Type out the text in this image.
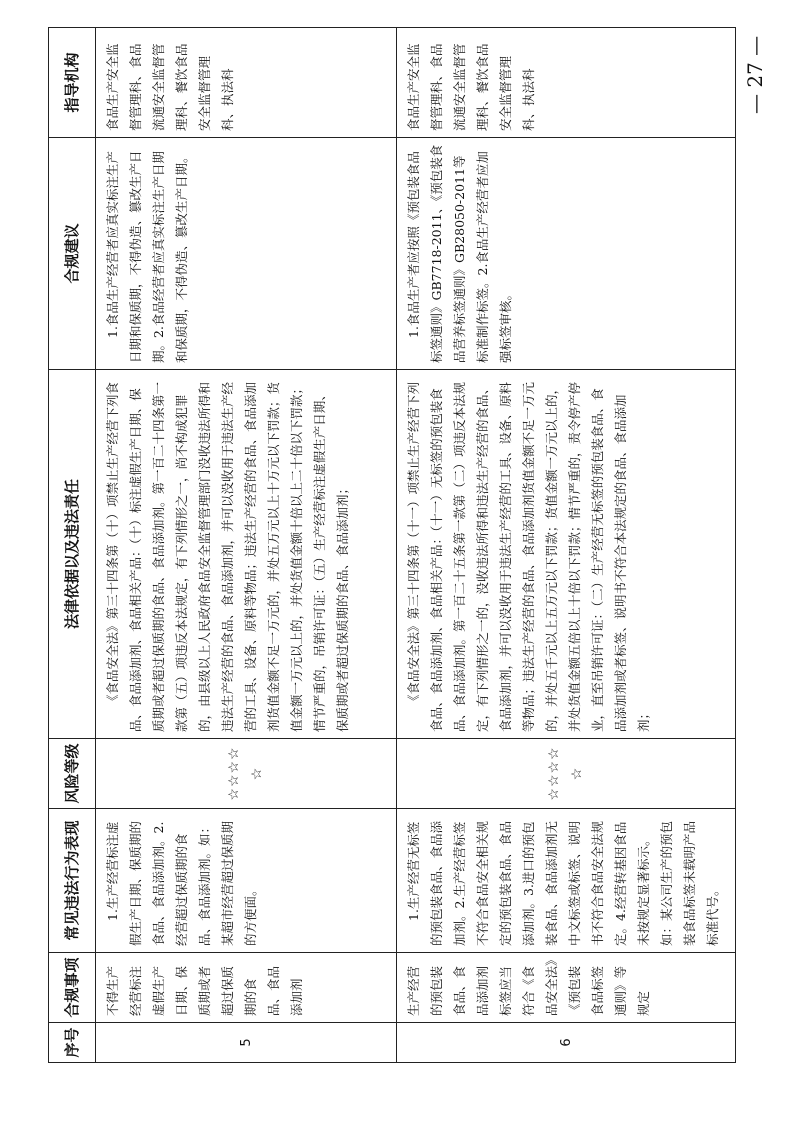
序号	合规事项	常见违法行为表现	风险等级	法律依据以及违法责任	合规建议	指导机构
5	不得生产经营标注虚假生产日期、保质期或者超过保质期的食品、食品添加剂	1.生产经营标注虚假生产日期、保质期的食品、食品添加剂。2.经营超过保质期的食品、食品添加剂。如：某超市经营超过保质期的方便面。	☆☆☆☆☆	《食品安全法》第三十四条第（十）项禁止生产经营下列食品、食品添加剂、食品相关产品：（十）标注虚假生产日期、保质期或者超过保质期的食品、食品添加剂。第一百二十四条第一款第（五）项违反本法规定，有下列情形之一，尚不构成犯罪的，由县级以上人民政府食品安全监督管理部门没收违法所得和违法生产经营的食品、食品添加剂，并可以没收用于违法生产经营的工具、设备、原料等物品；违法生产经营的食品、食品添加剂货值金额不足一万元的，并处五万元以上十万元以下罚款；货值金额一万元以上的，并处货值金额十倍以上二十倍以下罚款；情节严重的，吊销许可证：（五）生产经营标注虚假生产日期、保质期或者超过保质期的食品、食品添加剂；	1.食品生产经营者应真实标注生产日期和保质期，不得伪造、篡改生产日期。2.食品经营者应真实标注生产日期和保质期，不得伪造、篡改生产日期。	食品生产安全监督管理科、食品流通安全监督管理科、餐饮食品安全监督管理科、执法科
6	生产经营的预包装食品、食品添加剂标签应当符合《食品安全法》《预包装食品标签通则》等规定	1.生产经营无标签的预包装食品、食品添加剂。2.生产经营标签不符合食品安全相关规定的预包装食品、食品添加剂。3.进口的预包装食品、食品添加剂无中文标签或标签、说明书不符合食品安全法规定。4.经营转基因食品未按规定显著标示。如：某公司生产的预包装食品标签未载明产品标准代号。	☆☆☆☆☆	《食品安全法》第三十四条第（十一）项禁止生产经营下列食品、食品添加剂、食品相关产品：（十一）无标签的预包装食品、食品添加剂。第一百二十五条第一款第（二）项违反本法规定，有下列情形之一的，没收违法所得和违法生产经营的食品、食品添加剂，并可以没收用于违法生产经营的工具、设备、原料等物品；违法生产经营的食品、食品添加剂货值金额不足一万元的，并处五千元以上五万元以下罚款；货值金额一万元以上的，并处货值金额五倍以上十倍以下罚款；情节严重的，责令停产停业，直至吊销许可证：（二）生产经营无标签的预包装食品、食品添加剂或者标签、说明书不符合本法规定的食品、食品添加剂；	1.食品生产者应按照《预包装食品标签通则》GB7718-2011、《预包装食品营养标签通则》GB28050-2011等标准制作标签。2.食品生产经营者应加强标签审核。	食品生产安全监督管理科、食品流通安全监督管理科、餐饮食品安全监督管理科、执法科	— 27 —
